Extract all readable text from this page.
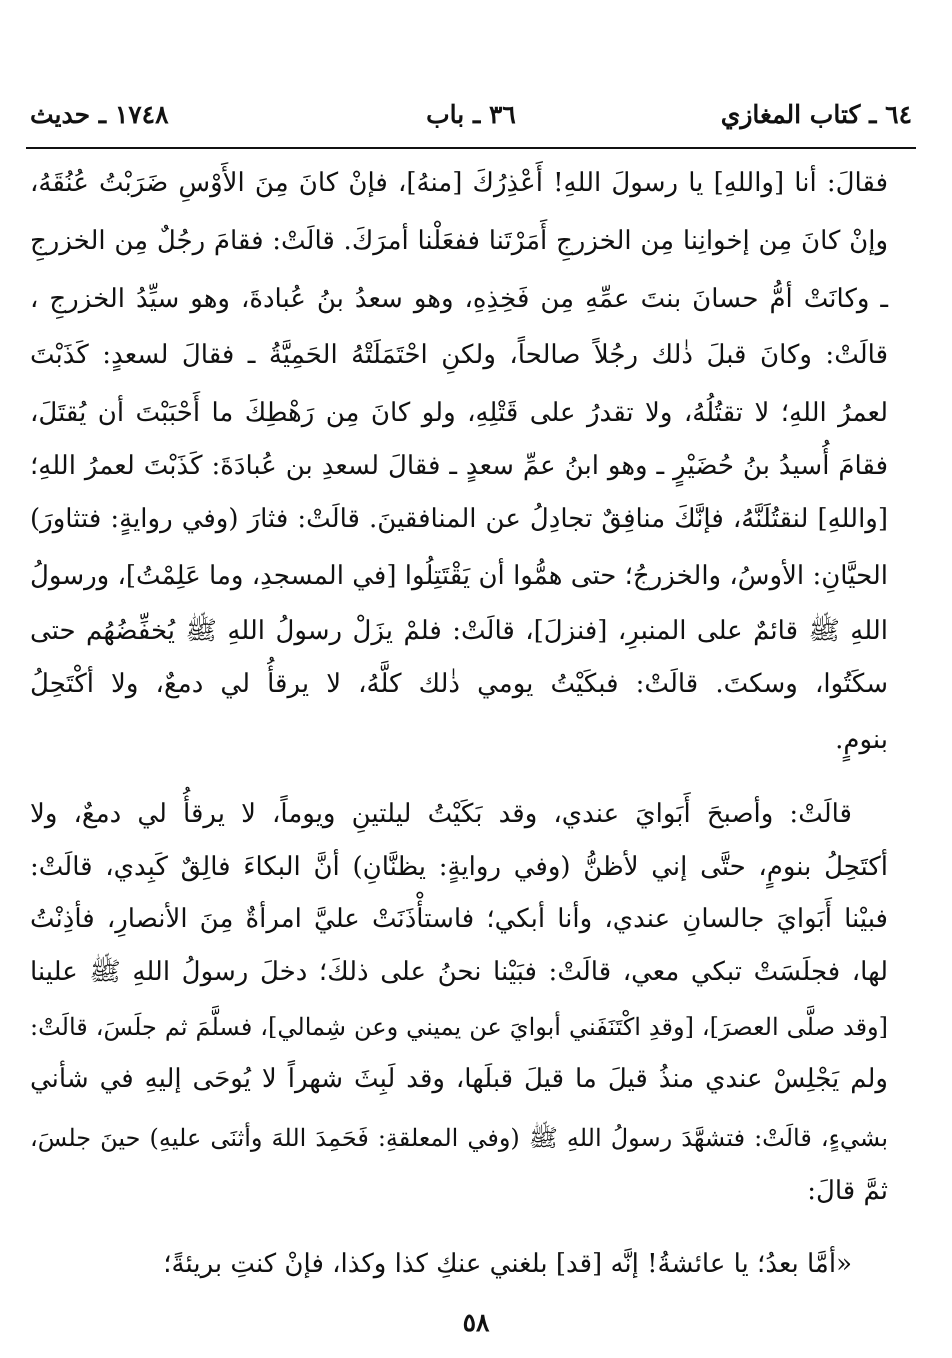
٦٤ ـ كتاب المغازي
٣٦ ـ باب
١٧٤٨ ـ حديث
فقالَ: أنا [واللهِ] يا رسولَ اللهِ! أَعْذِرُكَ [منهُ]، فإنْ كانَ مِنَ الأَوْسِ ضَرَبْتُ عُنُقَهُ،
وإنْ كانَ مِن إخوانِنا مِن الخزرجِ أَمَرْتَنا ففعَلْنا أمرَكَ. قالَتْ: فقامَ رجُلٌ مِن الخزرجِ
ـ وكانَتْ أمُّ حسانَ بنتَ عمِّهِ مِن فَخِذِهِ، وهو سعدُ بنُ عُبادةَ، وهو سيِّدُ الخزرجِ ،
قالَتْ: وكانَ قبلَ ذٰلك رجُلاً صالحاً، ولكنِ احْتَمَلَتْهُ الحَمِيَّةُ ـ فقالَ لسعدٍ: كَذَبْتَ
لعمرُ اللهِ؛ لا تقتُلُهُ، ولا تقدرُ على قَتْلِهِ، ولو كانَ مِن رَهْطِكَ ما أَحْبَبْتَ أن يُقتَلَ،
فقامَ أُسيدُ بنُ حُضَيْرٍ ـ وهو ابنُ عمِّ سعدٍ ـ فقالَ لسعدِ بن عُبادَةَ: كَذَبْتَ لعمرُ اللهِ؛
[واللهِ] لنقتُلَنَّهُ، فإنَّكَ منافِقٌ تجادِلُ عن المنافقينَ. قالَتْ: فثارَ (وفي روايةٍ: فتثاورَ)
الحيَّانِ: الأوسُ، والخزرجُ؛ حتى همُّوا أن يَقْتَتِلُوا [في المسجدِ، وما عَلِمْتُ]، ورسولُ
اللهِ ﷺ قائمٌ على المنبرِ، [فنزلَ]، قالَتْ: فلمْ يزَلْ رسولُ اللهِ ﷺ يُخفِّضُهُم حتى
سكَتُوا، وسكتَ. قالَتْ: فبكَيْتُ يومي ذٰلك كلَّهُ، لا يرقأُ لي دمعٌ، ولا أكْتَحِلُ
بنومٍ.
قالَتْ: وأصبحَ أَبَوايَ عندي، وقد بَكَيْتُ ليلتينِ ويوماً، لا يرقأُ لي دمعٌ، ولا
أكتَحِلُ بنومٍ، حتَّى إني لأظنُّ (وفي روايةٍ: يظنَّانِ) أنَّ البكاءَ فالِقٌ كَبِدي، قالَتْ:
فبيْنا أَبَوايَ جالسانِ عندي، وأنا أبكي؛ فاستأْذَنَتْ عليَّ امرأةٌ مِنَ الأنصارِ، فأذِنْتُ
لها، فجلَسَتْ تبكي معي، قالَتْ: فبَيْنا نحنُ على ذلكَ؛ دخلَ رسولُ اللهِ ﷺ علينا
[وقد صلَّى العصرَ]، [وقدِ اكْتَنَفَني أبوايَ عن يميني وعن شِمالي]، فسلَّمَ ثم جلَسَ، قالَتْ:
ولم يَجْلِسْ عندي منذُ قيلَ ما قيلَ قبلَها، وقد لَبِثَ شهراً لا يُوحَى إليهِ في شأني
بشيءٍ، قالَتْ: فتشهَّدَ رسولُ اللهِ ﷺ (وفي المعلقةِ: فَحَمِدَ اللهَ وأثنَى عليهِ) حينَ جلسَ،
ثمَّ قالَ:
«أمَّا بعدُ؛ يا عائشةُ! إنَّه [قد] بلغني عنكِ كذا وكذا، فإنْ كنتِ بريئةً؛
٥٨
